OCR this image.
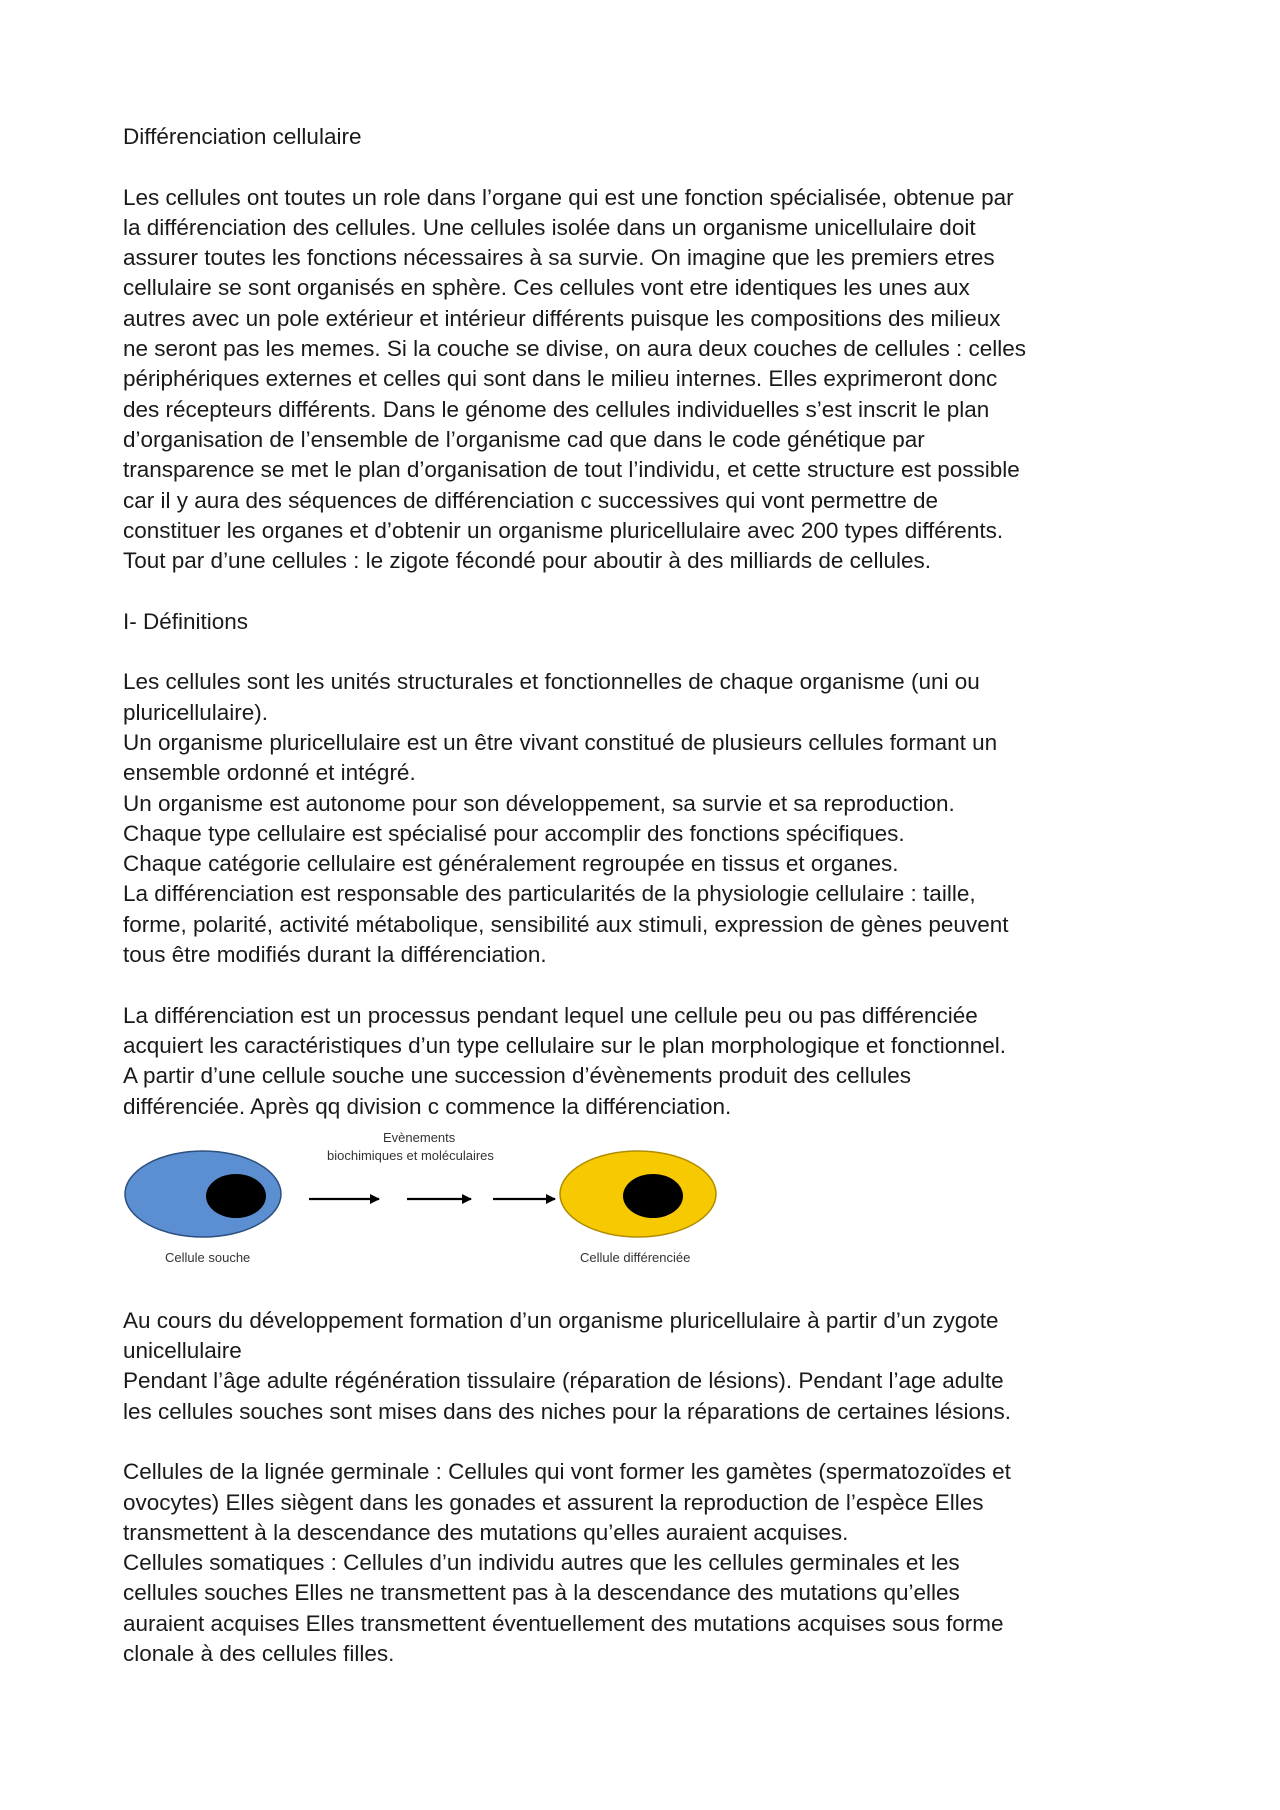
Différenciation cellulaire

Les cellules ont toutes un role dans l’organe qui est une fonction spécialisée, obtenue par
la différenciation des cellules. Une cellules isolée dans un organisme unicellulaire doit
assurer toutes les fonctions nécessaires à sa survie. On imagine que les premiers etres
cellulaire se sont organisés en sphère. Ces cellules vont etre identiques les unes aux
autres avec un pole extérieur et intérieur différents puisque les compositions des milieux
ne seront pas les memes. Si la couche se divise, on aura deux couches de cellules : celles
périphériques externes et celles qui sont dans le milieu internes. Elles exprimeront donc
des récepteurs différents. Dans le génome des cellules individuelles s’est inscrit le plan
d’organisation de l’ensemble de l’organisme cad que dans le code génétique par
transparence se met le plan d’organisation de tout l’individu, et cette structure est possible
car il y aura des séquences de différenciation c successives qui vont permettre de
constituer les organes et d’obtenir un organisme pluricellulaire avec 200 types différents.
Tout par d’une cellules : le zigote fécondé pour aboutir à des milliards de cellules.

I- Définitions

Les cellules sont les unités structurales et fonctionnelles de chaque organisme (uni ou
pluricellulaire).
Un organisme pluricellulaire est un être vivant constitué de plusieurs cellules formant un
ensemble ordonné et intégré.
Un organisme est autonome pour son développement, sa survie et sa reproduction.
Chaque type cellulaire est spécialisé pour accomplir des fonctions spécifiques.
Chaque catégorie cellulaire est généralement regroupée en tissus et organes.
La différenciation est responsable des particularités de la physiologie cellulaire : taille,
forme, polarité, activité métabolique, sensibilité aux stimuli, expression de gènes peuvent
tous être modifiés durant la différenciation.

La différenciation est un processus pendant lequel une cellule peu ou pas différenciée
acquiert les caractéristiques d’un type cellulaire sur le plan morphologique et fonctionnel.
A partir d’une cellule souche une succession d’évènements produit des cellules
différenciée. Après qq division c commence la différenciation.

Evènements
biochimiques et moléculaires
Cellule souche	Cellule différenciée

Au cours du développement formation d’un organisme pluricellulaire à partir d’un zygote
unicellulaire
Pendant l’âge adulte régénération tissulaire (réparation de lésions). Pendant l’age adulte
les cellules souches sont mises dans des niches pour la réparations de certaines lésions.

Cellules de la lignée germinale : Cellules qui vont former les gamètes (spermatozoïdes et
ovocytes) Elles siègent dans les gonades et assurent la reproduction de l’espèce Elles
transmettent à la descendance des mutations qu’elles auraient acquises.
Cellules somatiques : Cellules d’un individu autres que les cellules germinales et les
cellules souches Elles ne transmettent pas à la descendance des mutations qu’elles
auraient acquises Elles transmettent éventuellement des mutations acquises sous forme
clonale à des cellules filles.
